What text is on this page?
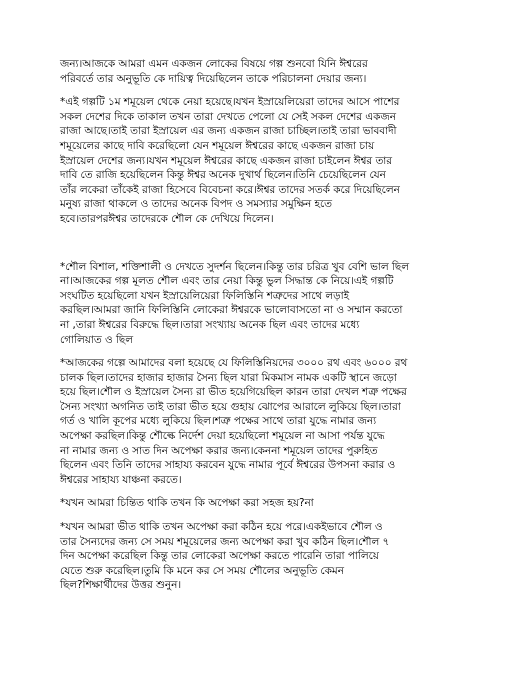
জন্য।আজকে আমরা এমন একজন লোকের বিষয়ে গল্প শুনবো যিনি ঈশ্বরের
পরিবর্তে তার অনুভূতি কে দায়িত্ব দিয়েছিলেন তাকে পরিচালনা দেয়ার জন্য।
*এই গল্পটি ১ম শমূয়েল থেকে নেয়া হয়েছে।যখন ইস্রায়েলিয়েরা তাদের আসে পাশের
সকল দেশের দিকে তাকাল তখন তারা দেখতে পেলো যে সেই সকল দেশের একজন
রাজা আছে।তাই তারা ইস্রায়েল এর জন্য একজন রাজা চাচ্ছিল।তাই তারা ভাববাদী
শমূয়েলের কাছে দাবি করেছিলো যেন শমূয়েল ঈশ্বরের কাছে একজন রাজা চায়
ইস্রায়েল দেশের জন্য।যখন শমূয়েল ঈশ্বরের কাছে একজন রাজা চাইলেন ঈশ্বর তার
দাবি তে রাজি হয়েছিলেন কিন্তু ঈশ্বর অনেক দুখার্থ ছিলেন।তিনি চেয়েছিলেন যেন
তাঁর লকেরা তাঁকেই রাজা হিসেবে বিবেচনা করে।ঈশ্বর তাদের সতর্ক করে দিয়েছিলেন
মনুষ্য রাজা থাকলে ও তাদের অনেক বিপদ ও সমস্যার সমুক্ষিন হতে
হবে।তারপরঈশ্বর তাদেরকে শৌল কে দেখিয়ে দিলেন।
*শৌল বিশাল, শক্তিশালী ও দেখতে সুদর্শন ছিলেন।কিন্তু তার চরিত্র খুব বেশি ভাল ছিল
না।আজকের গল্প মূলত শৌল এবং তার নেয়া কিন্তু ভুল সিদ্ধান্ত কে নিয়ে।এই গল্পটি
সংঘটিত হয়েছিলো যখন ইস্রায়েলিয়েরা ফিলিস্তিনি শত্রুদের সাথে লড়াই
করছিল।আমরা জানি ফিলিস্তিনি লোকেরা ঈশ্বরকে ভালোবাসতো না ও সম্মান করতো
না ,তারা ঈশ্বরের বিরুদ্ধে ছিল।তারা সংখ্যায় অনেক ছিল এবং তাদের মধ্যে
গোলিয়াত ও ছিল
*আজকের গল্পে আমাদের বলা হয়েছে যে ফিলিস্তিনিয়দের ৩০০০ রথ এবং ৬০০০ রথ
চালক ছিল।তাদের হাজার হাজার সৈন্য ছিল যারা মিকমাস নামক একটি স্থানে জড়ো
হয়ে ছিল।শৌল ও ইস্রায়েল সৈন্য রা ভীত হয়েগিয়েছিল কারন তারা দেখল শত্রু পক্ষের
সৈন্য সংখ্যা অগনিত তাই তারা ভীত হয়ে গুহায় ঝোপের আরালে লুকিয়ে ছিল।তারা
গর্ত ও খালি কূপের মধ্যে লুকিয়ে ছিল।শত্রু পক্ষের সাথে তারা যুদ্ধে নামার জন্য
অপেক্ষা করছিল।কিন্তু শৌল্কে নির্দেশ দেয়া হয়েছিলো শমূয়েল না আসা পর্যন্ত যুদ্ধে
না নামার জন্য ও সাত দিন অপেক্ষা করার জন্য।কেননা শমূয়েল তাদের পুরুহিত
ছিলেন এবং তিনি তাদের সাহায্য করবেন যুদ্ধে নামার পূর্বে ঈশ্বরের উপসনা করার ও
ঈশ্বরের সাহায্য যাঞ্চনা করতে।
*যখন আমরা চিন্তিত থাকি তখন কি অপেক্ষা করা সহজ হয়?না
*যখন আমরা ভীত থাকি তখন অপেক্ষা করা কঠিন হয়ে পরে।একইভাবে শৌল ও
তার সৈন্যদের জন্য সে সময় শমূয়েলের জন্য অপেক্ষা করা খুব কঠিন ছিল।শৌল ৭
দিন অপেক্ষা করেছিল কিন্তু তার লোকেরা অপেক্ষা করতে পারেনি তারা পালিয়ে
যেতে শুরু করেছিল।তুমি কি মনে কর সে সময় শৌলের অনুভূতি কেমন
ছিল?শিক্ষার্থীদের উত্তর শুনুন।
